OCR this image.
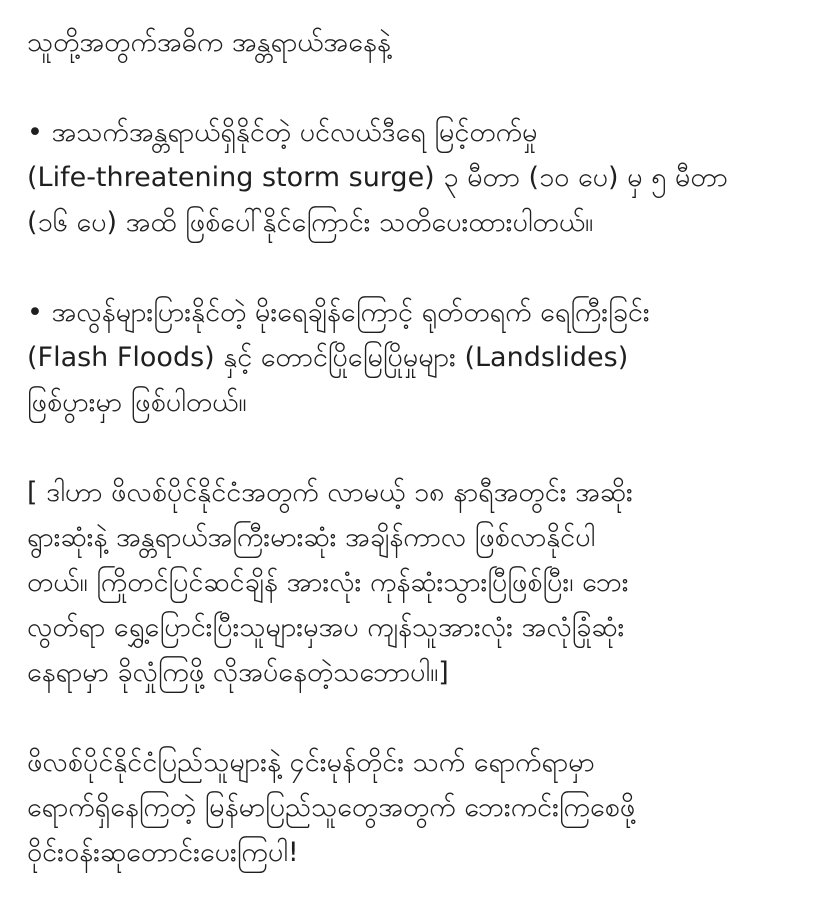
သူတို့အတွက်အဓိက အန္တရာယ်အနေနဲ့
• အသက်အန္တရာယ်ရှိနိုင်တဲ့ ပင်လယ်ဒီရေ မြင့်တက်မှု
(Life-threatening storm surge) ၃ မီတာ (၁၀ ပေ) မှ ၅ မီတာ
(၁၆ ပေ) အထိ ဖြစ်ပေါ်နိုင်ကြောင်း သတိပေးထားပါတယ်။
• အလွန်များပြားနိုင်တဲ့ မိုးရေချိန်ကြောင့် ရုတ်တရက် ရေကြီးခြင်း
(Flash Floods) နှင့် တောင်ပြိုမြေပြိုမှုများ (Landslides)
ဖြစ်ပွားမှာ ဖြစ်ပါတယ်။
[ ဒါဟာ ဖိလစ်ပိုင်နိုင်ငံအတွက် လာမယ့် ၁၈ နာရီအတွင်း အဆိုး
ရွားဆုံးနဲ့ အန္တရာယ်အကြီးမားဆုံး အချိန်ကာလ ဖြစ်လာနိုင်ပါ
တယ်။ ကြိုတင်ပြင်ဆင်ချိန် အားလုံး ကုန်ဆုံးသွားပြီဖြစ်ပြီး၊ ဘေး
လွတ်ရာ ရွှေ့ပြောင်းပြီးသူများမှအပ ကျန်သူအားလုံး အလုံခြုံဆုံး
နေရာမှာ ခိုလှုံကြဖို့ လိုအပ်နေတဲ့သဘောပါ။]
ဖိလစ်ပိုင်နိုင်ငံပြည်သူများနဲ့ ၄င်းမုန်တိုင်း သက် ရောက်ရာမှာ
ရောက်ရှိနေကြတဲ့ မြန်မာပြည်သူတွေအတွက် ဘေးကင်းကြစေဖို့
ဝိုင်းဝန်းဆုတောင်းပေးကြပါ!
